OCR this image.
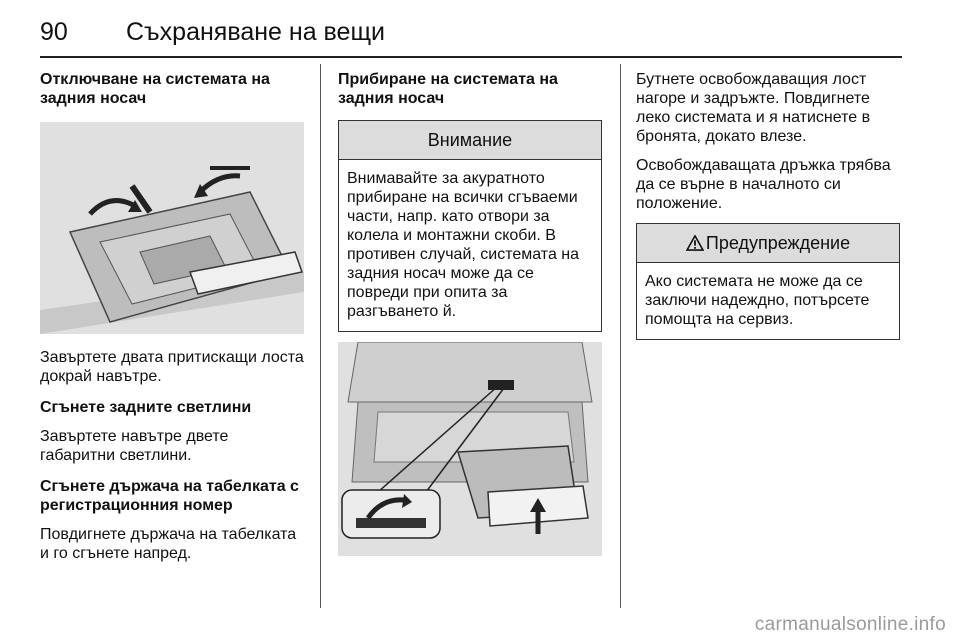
90 Съхраняване на вещи

Отключване на системата на задния носач

Завъртете двата притискащи лоста докрай навътре.

Сгънете задните светлини

Завъртете навътре двете габаритни светлини.

Сгънете държача на табелката с регистрационния номер

Повдигнете държача на табелката и го сгънете напред.

Прибиране на системата на задния носач

Внимание
Внимавайте за акуратното прибиране на всички сгъваеми части, напр. като отвори за колела и монтажни скоби. В противен случай, системата на задния носач може да се повреди при опита за разгъването й.

Бутнете освобождаващия лост нагоре и задръжте. Повдигнете леко системата и я натиснете в бронята, докато влезе.

Освобождаващата дръжка трябва да се върне в началното си положение.

Предупреждение
Ако системата не може да се заключи надеждно, потърсете помощта на сервиз.
carmanualsonline.info
